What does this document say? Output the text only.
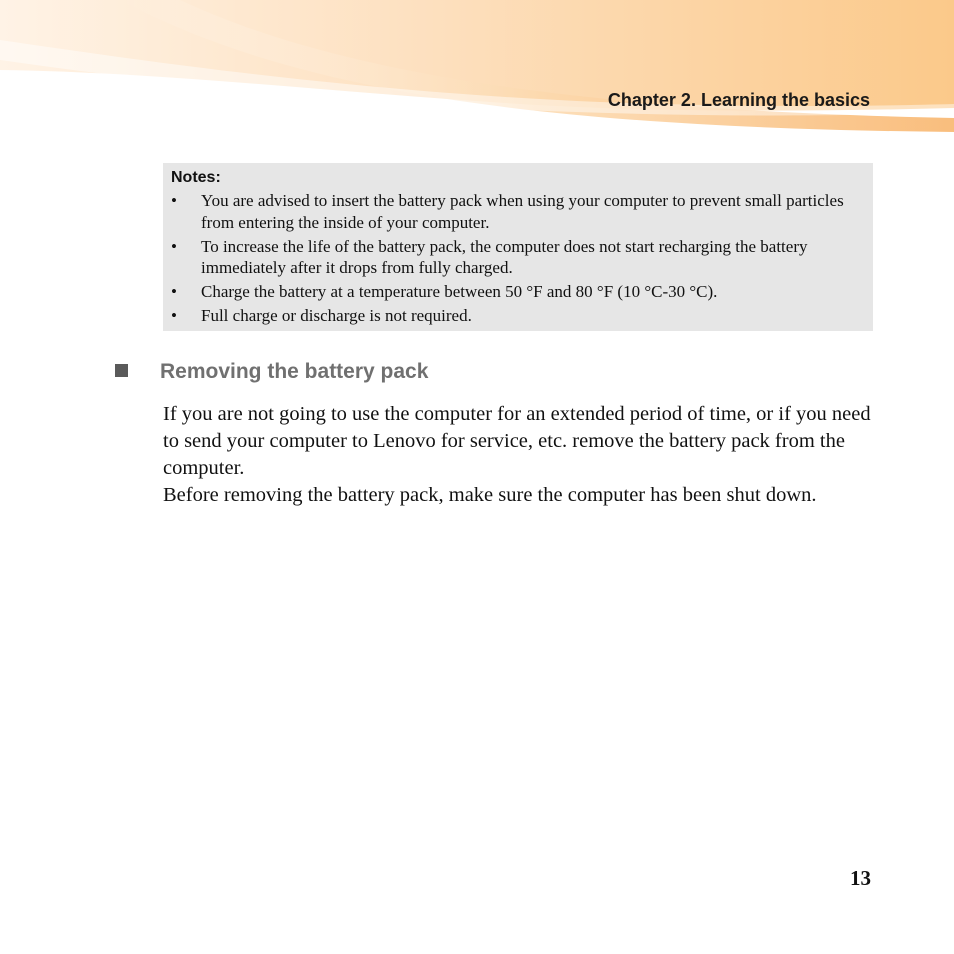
Chapter 2. Learning the basics
Notes:
•	You are advised to insert the battery pack when using your computer to prevent small particles from entering the inside of your computer.
•	To increase the life of the battery pack, the computer does not start recharging the battery immediately after it drops from fully charged.
•	Charge the battery at a temperature between 50 °F and 80 °F (10 °C-30 °C).
•	Full charge or discharge is not required.
Removing the battery pack

If you are not going to use the computer for an extended period of time, or if you need to send your computer to Lenovo for service, etc. remove the battery pack from the computer.

Before removing the battery pack, make sure the computer has been shut down.

13
